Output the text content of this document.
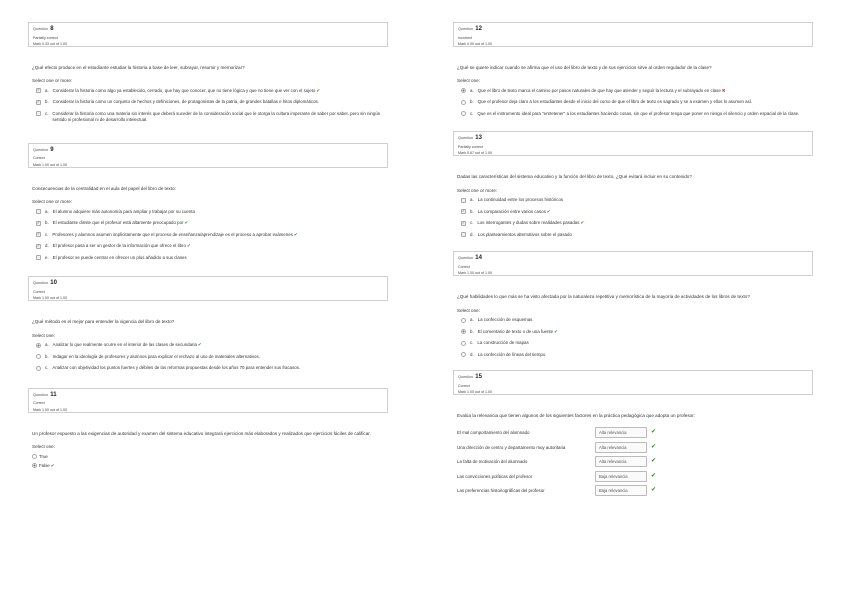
Question 8
Partially correct
Mark 0.33 out of 1.00
¿Qué efecto produce en el estudiante estudiar la historia a base de leer, subrayar, resumir y memorizar?
Select one or more:
✓ a. Considerar la historia como algo ya establecido, cerrado, que hay que conocer, que no tiene lógica y que no tiene que ver con el sujeto✔
✓ b. Considerar la historia como un conjunto de hechos y definiciones, de protagonistas de la patria, de grandes batallas e hitos diplomáticos.
c. Considerar la historia como una materia sin interés que deberá suceder de la consideración social que le otorga la cultura imperante de saber por saber, pero sin ningún sentido ni profesional ni de desarrollo intelectual.
Question 9
Correct
Mark 1.00 out of 1.00
Consecuencias de la centralidad en el aula del papel del libro de texto:
Select one or more:
a. El alumno adquiere más autonomía para ampliar y trabajar por su cuenta
✓ b. El estudiante dimite que el profesor está altamente preocupado por✔
✓ c. Profesores y alumnos asumen implícitamente que el proceso de enseñanza/aprendizaje es el proceso a aprobar exámenes✔
✓ d. El profesor pasa a ser un gestor de la información que ofrece el libro✔
e. El profesor se puede centrar en ofrecer un plus añadido a sus clases
Question 10
Correct
Mark 1.00 out of 1.00
¿Qué método es el mejor para entender la vigencia del libro de texto?
Select one:
a. Analizar lo que realmente ocurre en el interior de las clases de secundaria✔
b. Indagar en la ideología de profesores y alumnos para explicar el rechazo al uso de materiales alternativos.
c. Analizar con objetividad los puntos fuertes y débiles de las reformas propuestas desde los años 70 para entender sus fracasos.
Question 11
Correct
Mark 1.00 out of 1.00
Un profesor expuesto a las exigencias de autoridad y examen del sistema educativo integrará ejercicios más elaborados y realizados que ejercicios fáciles de calificar.
Select one:
True
False✔
Question 12
Incorrect
Mark 0.00 out of 1.00
¿Qué se quiere indicar cuando se afirma que el uso del libro de texto y de sus ejercicios sirve al orden regulador de la clase?
Select one:
a. Que el libro de texto marca el camino por pasos naturales de que hay que atender y seguir la lectura y el subrayado en clase✖
b. Que el profesor deja claro a los estudiantes desde el inicio del curso de que el libro de texto es sagrado y se a examen y ellos lo asumen así.
c. Que es el instrumento ideal para "entretener" a los estudiantes haciendo cosas, sin que el profesor tenga que poner en riesgo el silencio y orden espacial de la clase.
Question 13
Partially correct
Mark 0.67 out of 1.00
Dadas las características del sistema educativo y la función del libro de texto, ¿Qué evitará incluir en su contenido?
Select one or more:
a. La continuidad entre los procesos históricos
✓ b. La comparación entre varios casos✔
✓ c. Los interrogantes y dudas sobre realidades pasadas✔
d. Los planteamientos alternativos sobre el pasado
Question 14
Correct
Mark 1.00 out of 1.00
¿Qué habilidades lo que más se ha visto afectada por la naturaleza repetitiva y memorística de la mayoría de actividades de los libros de texto?
Select one:
a. La confección de esquemas
b. El comentario de texto o de una fuente✔
c. La construcción de mapas
d. La confección de líneas del tiempo
Question 15
Correct
Mark 1.00 out of 1.00
Evalúa la relevancia que tienen algunos de los siguientes factores en la práctica pedagógica que adopta un profesor:
El mal comportamiento del alumnado	Alta relevancia	✔
Una dirección de centro y departamento muy autoritaria	Alta relevancia	✔
La falta de motivación del alumnado	Alta relevancia	✔
Las convicciones políticas del profesor	Baja relevancia	✔
Las preferencias historiográficas del profesor	Baja relevancia	✔
